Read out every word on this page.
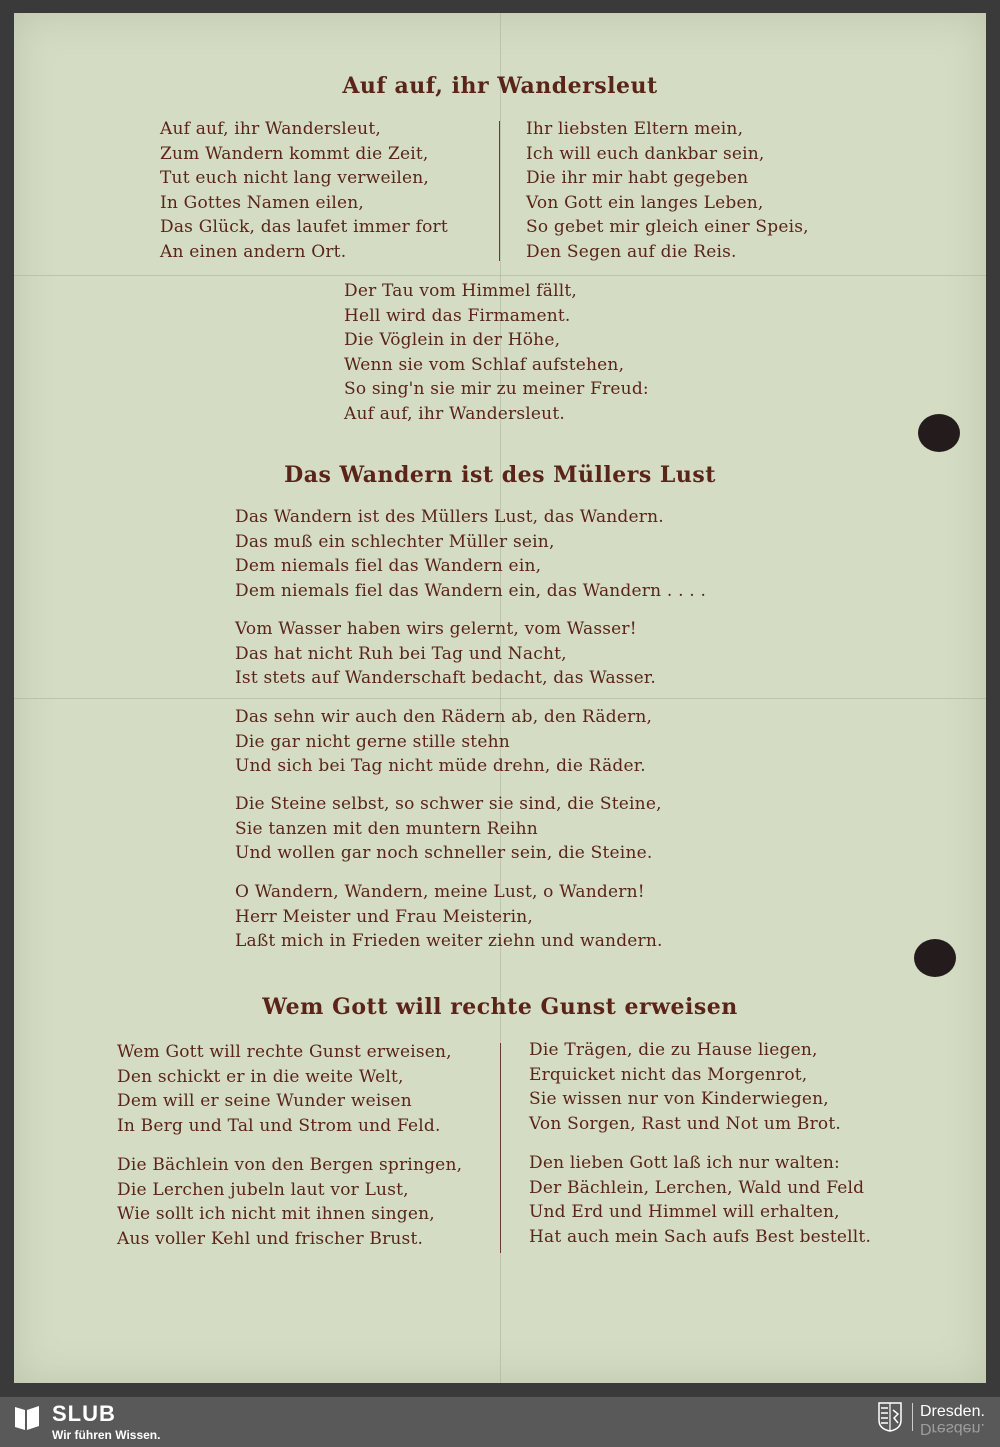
Auf auf, ihr Wandersleut
Auf auf, ihr Wandersleut,
Zum Wandern kommt die Zeit,
Tut euch nicht lang verweilen,
In Gottes Namen eilen,
Das Glück, das laufet immer fort
An einen andern Ort.
Ihr liebsten Eltern mein,
Ich will euch dankbar sein,
Die ihr mir habt gegeben
Von Gott ein langes Leben,
So gebet mir gleich einer Speis,
Den Segen auf die Reis.
Der Tau vom Himmel fällt,
Hell wird das Firmament.
Die Vöglein in der Höhe,
Wenn sie vom Schlaf aufstehen,
So sing'n sie mir zu meiner Freud:
Auf auf, ihr Wandersleut.
Das Wandern ist des Müllers Lust
Das Wandern ist des Müllers Lust, das Wandern.
Das muß ein schlechter Müller sein,
Dem niemals fiel das Wandern ein,
Dem niemals fiel das Wandern ein, das Wandern . . . .
Vom Wasser haben wirs gelernt, vom Wasser!
Das hat nicht Ruh bei Tag und Nacht,
Ist stets auf Wanderschaft bedacht, das Wasser.
Das sehn wir auch den Rädern ab, den Rädern,
Die gar nicht gerne stille stehn
Und sich bei Tag nicht müde drehn, die Räder.
Die Steine selbst, so schwer sie sind, die Steine,
Sie tanzen mit den muntern Reihn
Und wollen gar noch schneller sein, die Steine.
O Wandern, Wandern, meine Lust, o Wandern!
Herr Meister und Frau Meisterin,
Laßt mich in Frieden weiter ziehn und wandern.
Wem Gott will rechte Gunst erweisen
Wem Gott will rechte Gunst erweisen,
Den schickt er in die weite Welt,
Dem will er seine Wunder weisen
In Berg und Tal und Strom und Feld.
Die Bächlein von den Bergen springen,
Die Lerchen jubeln laut vor Lust,
Wie sollt ich nicht mit ihnen singen,
Aus voller Kehl und frischer Brust.
Die Trägen, die zu Hause liegen,
Erquicket nicht das Morgenrot,
Sie wissen nur von Kinderwiegen,
Von Sorgen, Rast und Not um Brot.
Den lieben Gott laß ich nur walten:
Der Bächlein, Lerchen, Wald und Feld
Und Erd und Himmel will erhalten,
Hat auch mein Sach aufs Best bestellt.
SLUB
Wir führen Wissen.
Dresden.
Dresden.
